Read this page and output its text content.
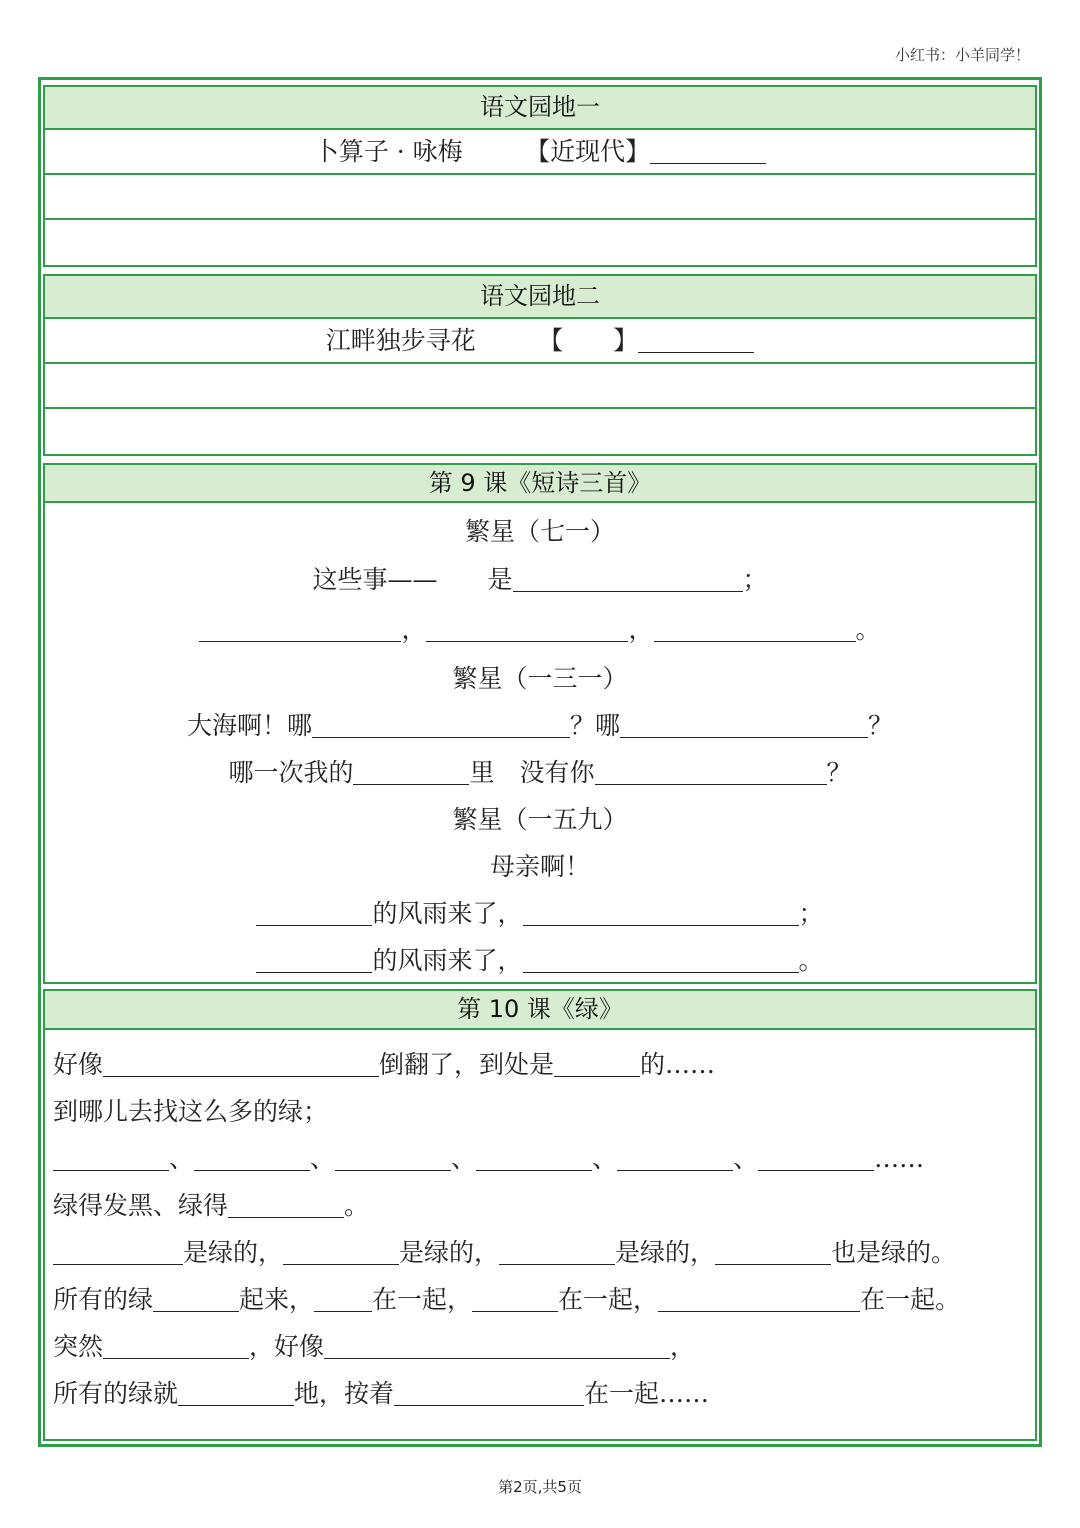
小红书：小羊同学！
语文园地一
卜算子 · 咏梅　　　【近现代】
语文园地二
江畔独步寻花　　　【　　】
第 9 课《短诗三首》
繁星（七一）
这些事——　　是	；
，	，	。
繁星（一三一）
大海啊！哪	？哪	？
哪一次我的	里　没有你	？
繁星（一五九）
母亲啊！
的风雨来了，	；
的风雨来了，	。
第 10 课《绿》
好像	倒翻了，到处是	的……
到哪儿去找这么多的绿；
、	、	、	、	、	……
绿得发黑、绿得	。
是绿的，	是绿的，	是绿的，	也是绿的。
所有的绿	起来， 在一起，	在一起，	在一起。
突然	，好像	，
所有的绿就	地，按着	在一起……
第2页,共5页
